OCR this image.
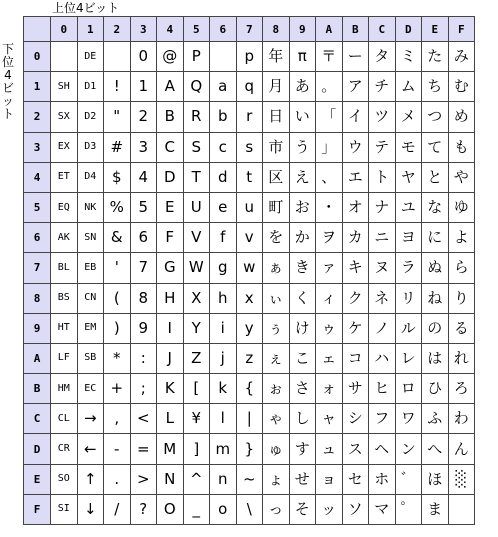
上位4ビット
下位4ビット
	0	1	2	3	4	5	6	7	8	9	A	B	C	D	E	F
0		DE		0	@	P		p	年	π	〒	ー	タ	ミ	た	み
1	SH	D1	!	1	A	Q	a	q	月	あ	。	ア	チ	ム	ち	む
2	SX	D2	"	2	B	R	b	r	日	い	「	イ	ツ	メ	つ	め
3	EX	D3	#	3	C	S	c	s	市	う	」	ウ	テ	モ	て	も
4	ET	D4	$	4	D	T	d	t	区	え	、	エ	ト	ヤ	と	や
5	EQ	NK	%	5	E	U	e	u	町	お	・	オ	ナ	ユ	な	ゆ
6	AK	SN	&	6	F	V	f	v	を	か	ヲ	カ	ニ	ヨ	に	よ
7	BL	EB	'	7	G	W	g	w	ぁ	き	ァ	キ	ヌ	ラ	ぬ	ら
8	BS	CN	(	8	H	X	h	x	ぃ	く	ィ	ク	ネ	リ	ね	り
9	HT	EM	)	9	I	Y	i	y	ぅ	け	ゥ	ケ	ノ	ル	の	る
A	LF	SB	*	:	J	Z	j	z	ぇ	こ	ェ	コ	ハ	レ	は	れ
B	HM	EC	+	;	K	[	k	{	ぉ	さ	ォ	サ	ヒ	ロ	ひ	ろ
C	CL	→	,	<	L	¥	l	|	ゃ	し	ャ	シ	フ	ワ	ふ	わ
D	CR	←	-	=	M	]	m	}	ゅ	す	ュ	ス	ヘ	ン	へ	ん
E	SO	↑	.	>	N	^	n	~	ょ	せ	ョ	セ	ホ	゛	ほ	░
F	SI	↓	/	?	O	_	o	\	っ	そ	ッ	ソ	マ	゜	ま	
